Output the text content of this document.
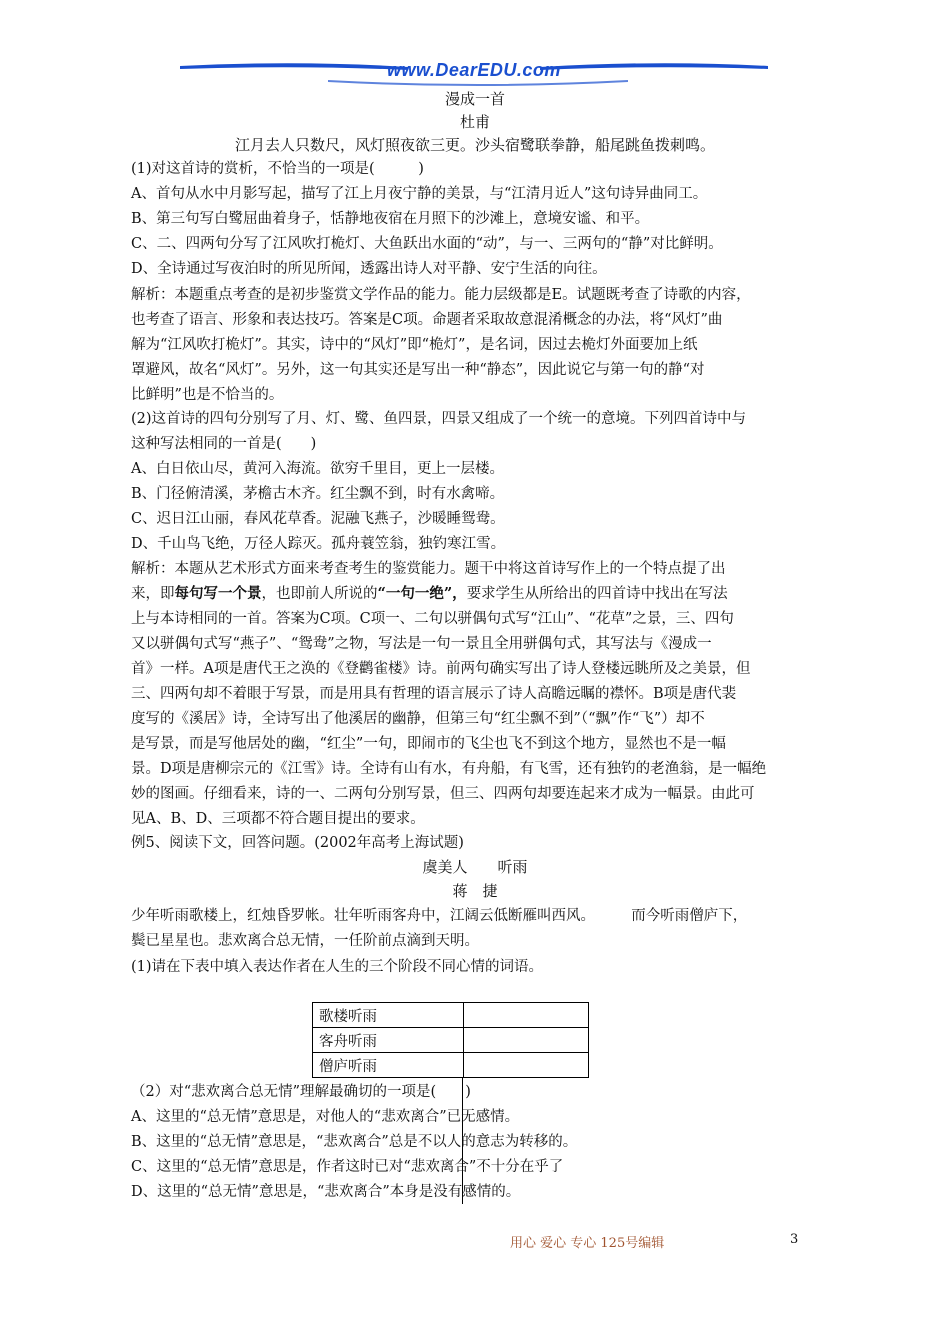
www.DearEDU.com
漫成一首
杜甫
江月去人只数尺，风灯照夜欲三更。沙头宿鹭联拳静，船尾跳鱼拨刺鸣。
(1)对这首诗的赏析，不恰当的一项是(　　　)
A、首句从水中月影写起，描写了江上月夜宁静的美景，与“江清月近人”这句诗异曲同工。
B、第三句写白鹭屈曲着身子，恬静地夜宿在月照下的沙滩上，意境安谧、和平。
C、二、四两句分写了江风吹打桅灯、大鱼跃出水面的“动”，与一、三两句的“静”对比鲜明。
D、全诗通过写夜泊时的所见所闻，透露出诗人对平静、安宁生活的向往。
解析：本题重点考查的是初步鉴赏文学作品的能力。能力层级都是E。试题既考查了诗歌的内容，
也考查了语言、形象和表达技巧。答案是C项。命题者采取故意混淆概念的办法，将“风灯”曲
解为“江风吹打桅灯”。其实，诗中的“风灯”即“桅灯”，是名词，因过去桅灯外面要加上纸
罩避风，故名“风灯”。另外，这一句其实还是写出一种“静态”，因此说它与第一句的静“对
比鲜明”也是不恰当的。
(2)这首诗的四句分别写了月、灯、鹭、鱼四景，四景又组成了一个统一的意境。下列四首诗中与
这种写法相同的一首是(　　)
A、白日依山尽，黄河入海流。欲穷千里目，更上一层楼。
B、门径俯清溪，茅檐古木齐。红尘飘不到，时有水禽啼。
C、迟日江山丽，春风花草香。泥融飞燕子，沙暖睡鸳鸯。
D、千山鸟飞绝，万径人踪灭。孤舟蓑笠翁，独钓寒江雪。
解析：本题从艺术形式方面来考查考生的鉴赏能力。题干中将这首诗写作上的一个特点提了出
来，即每句写一个景，也即前人所说的“一句一绝”，要求学生从所给出的四首诗中找出在写法
上与本诗相同的一首。答案为C项。C项一、二句以骈偶句式写“江山”、“花草”之景，三、四句
又以骈偶句式写“燕子”、“鸳鸯”之物，写法是一句一景且全用骈偶句式，其写法与《漫成一
首》一样。A项是唐代王之涣的《登鹳雀楼》诗。前两句确实写出了诗人登楼远眺所及之美景，但
三、四两句却不着眼于写景，而是用具有哲理的语言展示了诗人高瞻远瞩的襟怀。B项是唐代裴
度写的《溪居》诗，全诗写出了他溪居的幽静，但第三句“红尘飘不到”（“飘”作“飞”）却不
是写景，而是写他居处的幽，“红尘”一句，即闹市的飞尘也飞不到这个地方，显然也不是一幅
景。D项是唐柳宗元的《江雪》诗。全诗有山有水，有舟船，有飞雪，还有独钓的老渔翁，是一幅绝
妙的图画。仔细看来，诗的一、二两句分别写景，但三、四两句却要连起来才成为一幅景。由此可
见A、B、D、三项都不符合题目提出的要求。
例5、阅读下文，回答问题。(2002年高考上海试题)
虞美人　　听雨
蒋　捷
少年听雨歌楼上，红烛昏罗帐。壮年听雨客舟中，江阔云低断雁叫西风。　　　而今听雨僧庐下，
鬓已星星也。悲欢离合总无情，一任阶前点滴到天明。
(1)请在下表中填入表达作者在人生的三个阶段不同心情的词语。
歌楼听雨	
客舟听雨	
僧庐听雨	
（2）对“悲欢离合总无情”理解最确切的一项是(　　)
A、这里的“总无情”意思是，对他人的“悲欢离合”已无感情。
B、这里的“总无情”意思是，“悲欢离合”总是不以人的意志为转移的。
C、这里的“总无情”意思是，作者这时已对“悲欢离合”不十分在乎了
D、这里的“总无情”意思是，“悲欢离合”本身是没有感情的。
用心 爱心 专心 125号编辑	3
